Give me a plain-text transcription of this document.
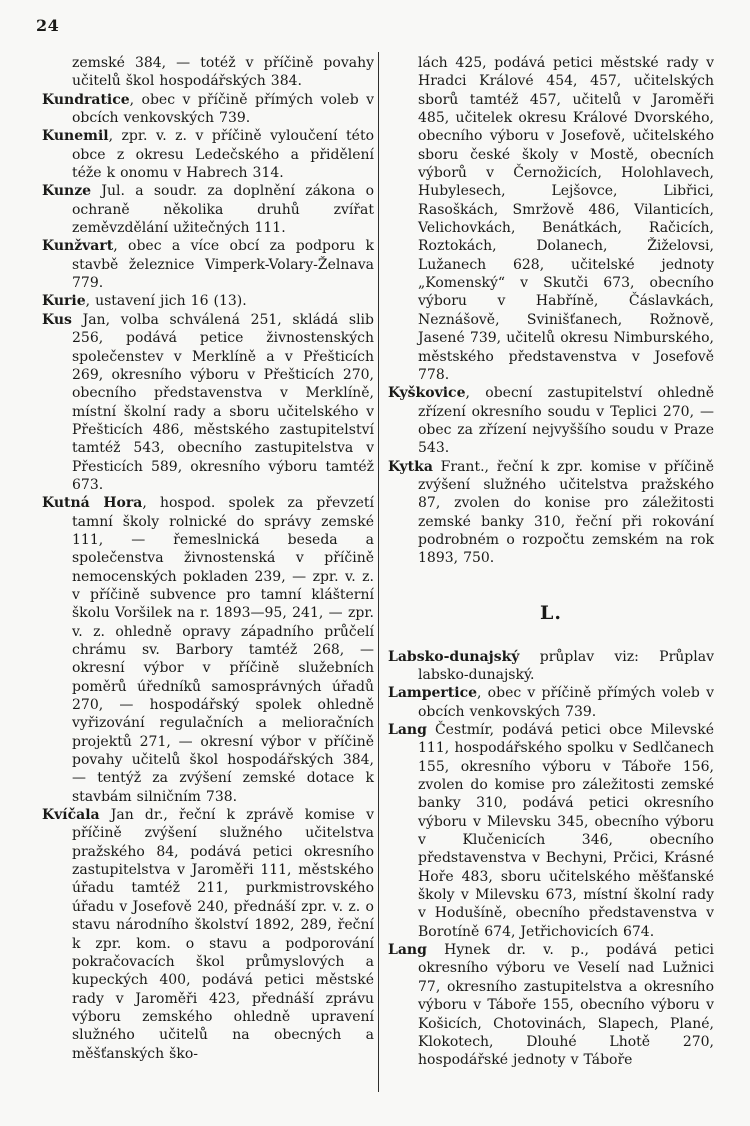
24

zemské 384, — totéž v příčině povahy učitelů škol hospodářských 384.

Kundratice, obec v příčině přímých voleb v obcích venkovských 739.

Kunemil, zpr. v. z. v příčině vyloučení této obce z okresu Ledečského a přidělení téže k onomu v Habrech 314.

Kunze Jul. a soudr. za doplnění zákona o ochraně několika druhů zvířat zeměvzdělání užitečných 111.

Kunžvart, obec a více obcí za podporu k stavbě železnice Vimperk-Volary-Želnava 779.

Kurie, ustavení jich 16 (13).

Kus Jan, volba schválená 251, skládá slib 256, podává petice živnostenských společenstev v Merklíně a v Přešticích 269, okresního výboru v Přešticích 270, obecního představenstva v Merklíně, místní školní rady a sboru učitelského v Přešticích 486, městského zastupitelství tamtéž 543, obecního zastupitelstva v Přesticích 589, okresního výboru tamtéž 673.

Kutná Hora, hospod. spolek za převzetí tamní školy rolnické do správy zemské 111, — řemeslnická beseda a společenstva živnostenská v příčině nemocenských pokladen 239, — zpr. v. z. v příčině subvence pro tamní klášterní školu Voršilek na r. 1893—95, 241, — zpr. v. z. ohledně opravy západního průčelí chrámu sv. Barbory tamtéž 268, — okresní výbor v příčině služebních poměrů úředníků samosprávných úřadů 270, — hospodářský spolek ohledně vyřizování regulačních a melioračních projektů 271, — okresní výbor v příčině povahy učitelů škol hospodářských 384, — tentýž za zvýšení zemské dotace k stavbám silničním 738.

Kvíčala Jan dr., řeční k zprávě komise v příčině zvýšení služného učitelstva pražského 84, podává petici okresního zastupitelstva v Jaroměři 111, městského úřadu tamtéž 211, purkmistrovského úřadu v Josefově 240, přednáší zpr. v. z. o stavu národního školství 1892, 289, řeční k zpr. kom. o stavu a podporování pokračovacích škol průmyslových a kupeckých 400, podává petici městské rady v Jaroměři 423, přednáší zprávu výboru zemského ohledně upravení služného učitelů na obecných a měšťanských ško-

lách 425, podává petici městské rady v Hradci Králové 454, 457, učitelských sborů tamtéž 457, učitelů v Jaroměři 485, učitelek okresu Králové Dvorského, obecního výboru v Josefově, učitelského sboru české školy v Mostě, obecních výborů v Černožicích, Holohlavech, Hubylesech, Lejšovce, Libřici, Rasoškách, Smržově 486, Vilanticích, Velichovkách, Benátkách, Račicích, Roztokách, Dolanech, Žiželovsi, Lužanech 628, učitelské jednoty „Komenský“ v Skutči 673, obecního výboru v Habříně, Čáslavkách, Neznášově, Svinišťanech, Rožnově, Jasené 739, učitelů okresu Nimburského, městského představenstva v Josefově 778.

Kyškovice, obecní zastupitelství ohledně zřízení okresního soudu v Teplici 270, — obec za zřízení nejvyššího soudu v Praze 543.

Kytka Frant., řeční k zpr. komise v příčině zvýšení služného učitelstva pražského 87, zvolen do konise pro záležitosti zemské banky 310, řeční při rokování podrobném o rozpočtu zemském na rok 1893, 750.

L.

Labsko-dunajský průplav viz: Průplav labsko-dunajský.

Lampertice, obec v příčině přímých voleb v obcích venkovských 739.

Lang Čestmír, podává petici obce Milevské 111, hospodářského spolku v Sedlčanech 155, okresního výboru v Táboře 156, zvolen do komise pro záležitosti zemské banky 310, podává petici okresního výboru v Milevsku 345, obecního výboru v Klučenicích 346, obecního představenstva v Bechyni, Prčici, Krásné Hoře 483, sboru učitelského měšťanské školy v Milevsku 673, místní školní rady v Hodušíně, obecního představenstva v Borotíně 674, Jetřichovicích 674.

Lang Hynek dr. v. p., podává petici okresního výboru ve Veselí nad Lužnici 77, okresního zastupitelstva a okresního výboru v Táboře 155, obecního výboru v Košicích, Chotovinách, Slapech, Plané, Klokotech, Dlouhé Lhotě 270, hospodářské jednoty v Táboře
